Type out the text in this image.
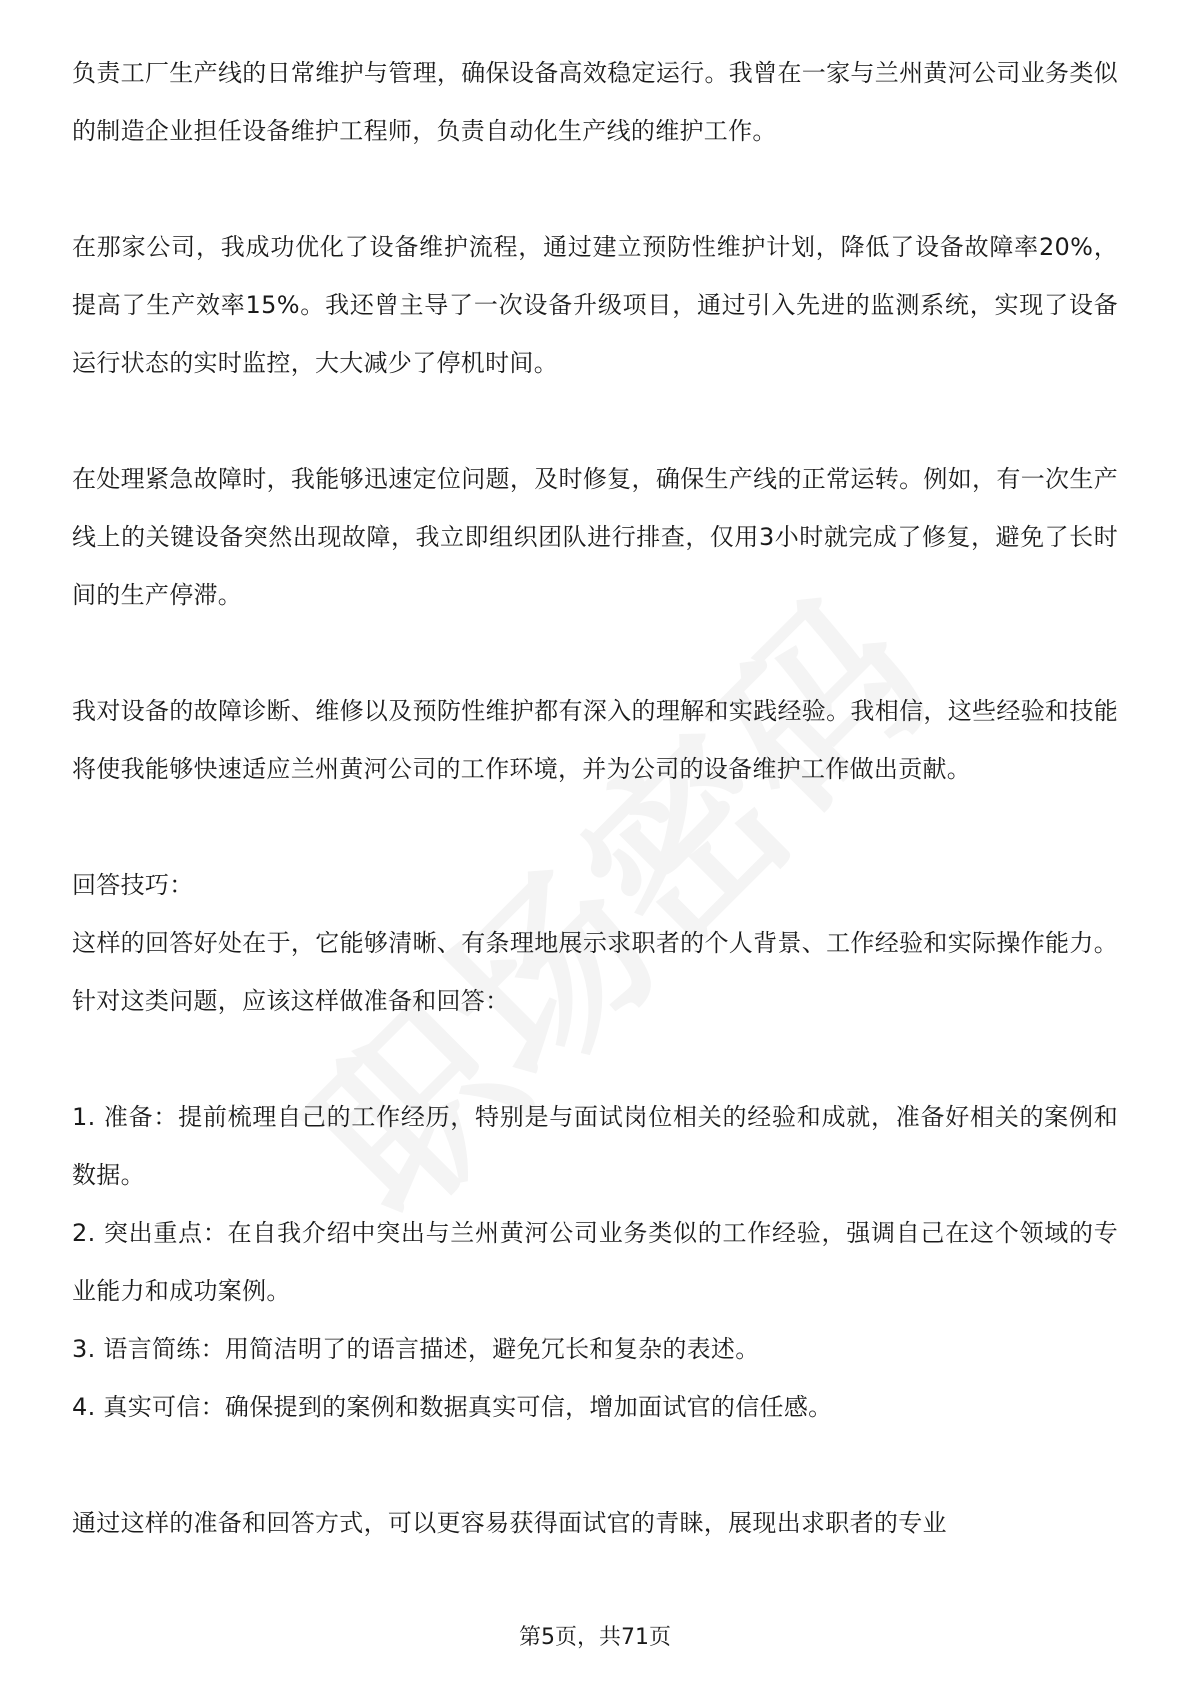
负责工厂生产线的日常维护与管理，确保设备高效稳定运行。我曾在一家与兰州黄河公司业务类似的制造企业担任设备维护工程师，负责自动化生产线的维护工作。

在那家公司，我成功优化了设备维护流程，通过建立预防性维护计划，降低了设备故障率20%，提高了生产效率15%。我还曾主导了一次设备升级项目，通过引入先进的监测系统，实现了设备运行状态的实时监控，大大减少了停机时间。

在处理紧急故障时，我能够迅速定位问题，及时修复，确保生产线的正常运转。例如，有一次生产线上的关键设备突然出现故障，我立即组织团队进行排查，仅用3小时就完成了修复，避免了长时间的生产停滞。

我对设备的故障诊断、维修以及预防性维护都有深入的理解和实践经验。我相信，这些经验和技能将使我能够快速适应兰州黄河公司的工作环境，并为公司的设备维护工作做出贡献。

回答技巧：

这样的回答好处在于，它能够清晰、有条理地展示求职者的个人背景、工作经验和实际操作能力。针对这类问题，应该这样做准备和回答：

1. 准备：提前梳理自己的工作经历，特别是与面试岗位相关的经验和成就，准备好相关的案例和数据。

2. 突出重点：在自我介绍中突出与兰州黄河公司业务类似的工作经验，强调自己在这个领域的专业能力和成功案例。

3. 语言简练：用简洁明了的语言描述，避免冗长和复杂的表述。

4. 真实可信：确保提到的案例和数据真实可信，增加面试官的信任感。

通过这样的准备和回答方式，可以更容易获得面试官的青睐，展现出求职者的专业

第5页，共71页
